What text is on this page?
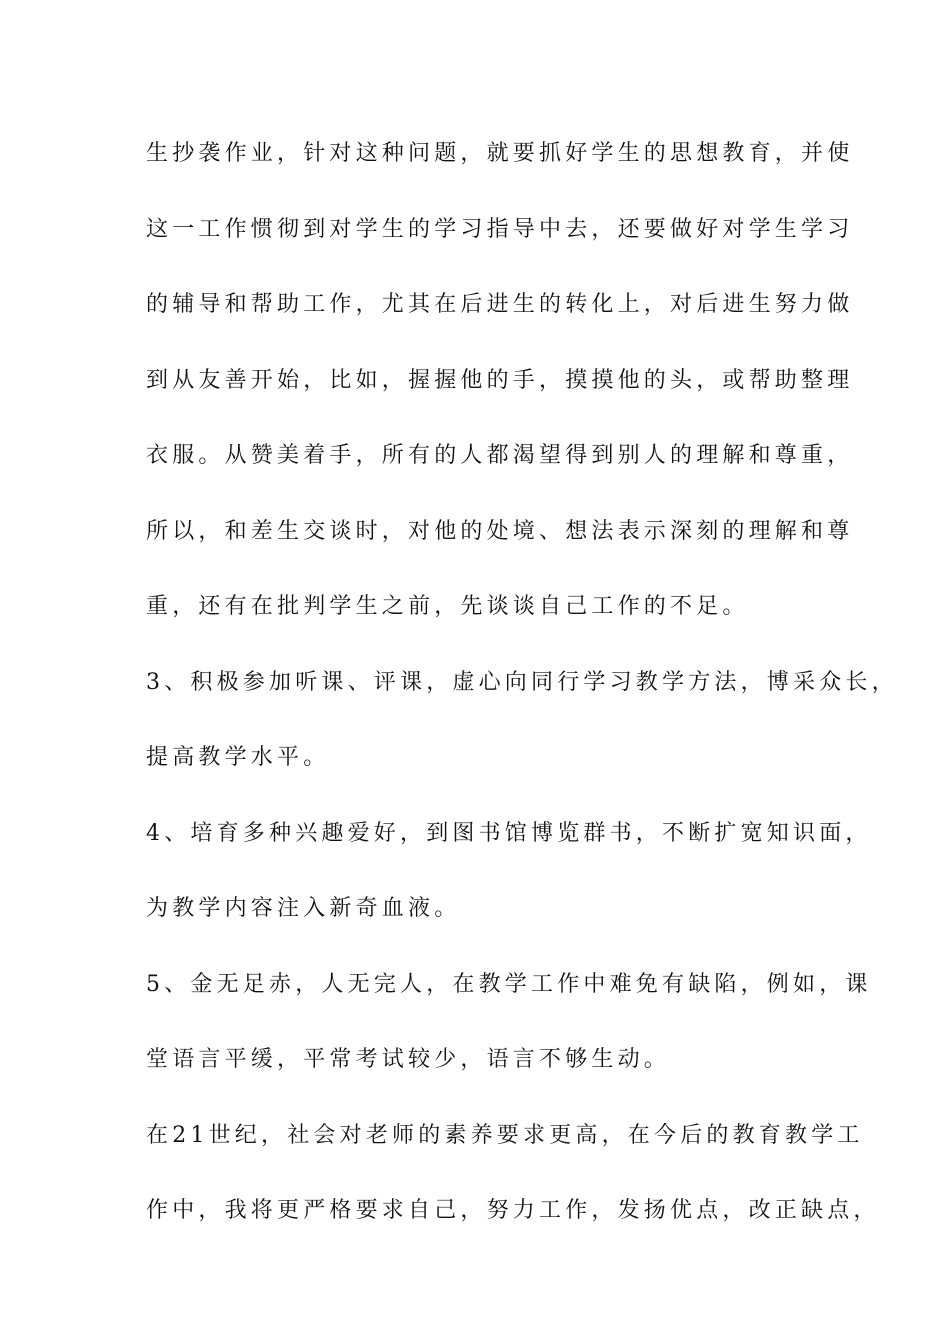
生抄袭作业，针对这种问题，就要抓好学生的思想教育，并使
这一工作惯彻到对学生的学习指导中去，还要做好对学生学习
的辅导和帮助工作，尤其在后进生的转化上，对后进生努力做
到从友善开始，比如，握握他的手，摸摸他的头，或帮助整理
衣服。从赞美着手，所有的人都渴望得到别人的理解和尊重，
所以，和差生交谈时，对他的处境、想法表示深刻的理解和尊
重，还有在批判学生之前，先谈谈自己工作的不足。
3、积极参加听课、评课，虚心向同行学习教学方法，博采众长，
提高教学水平。
4、培育多种兴趣爱好，到图书馆博览群书，不断扩宽知识面，
为教学内容注入新奇血液。
5、金无足赤，人无完人，在教学工作中难免有缺陷，例如，课
堂语言平缓，平常考试较少，语言不够生动。
在21世纪，社会对老师的素养要求更高，在今后的教育教学工
作中，我将更严格要求自己，努力工作，发扬优点，改正缺点，
